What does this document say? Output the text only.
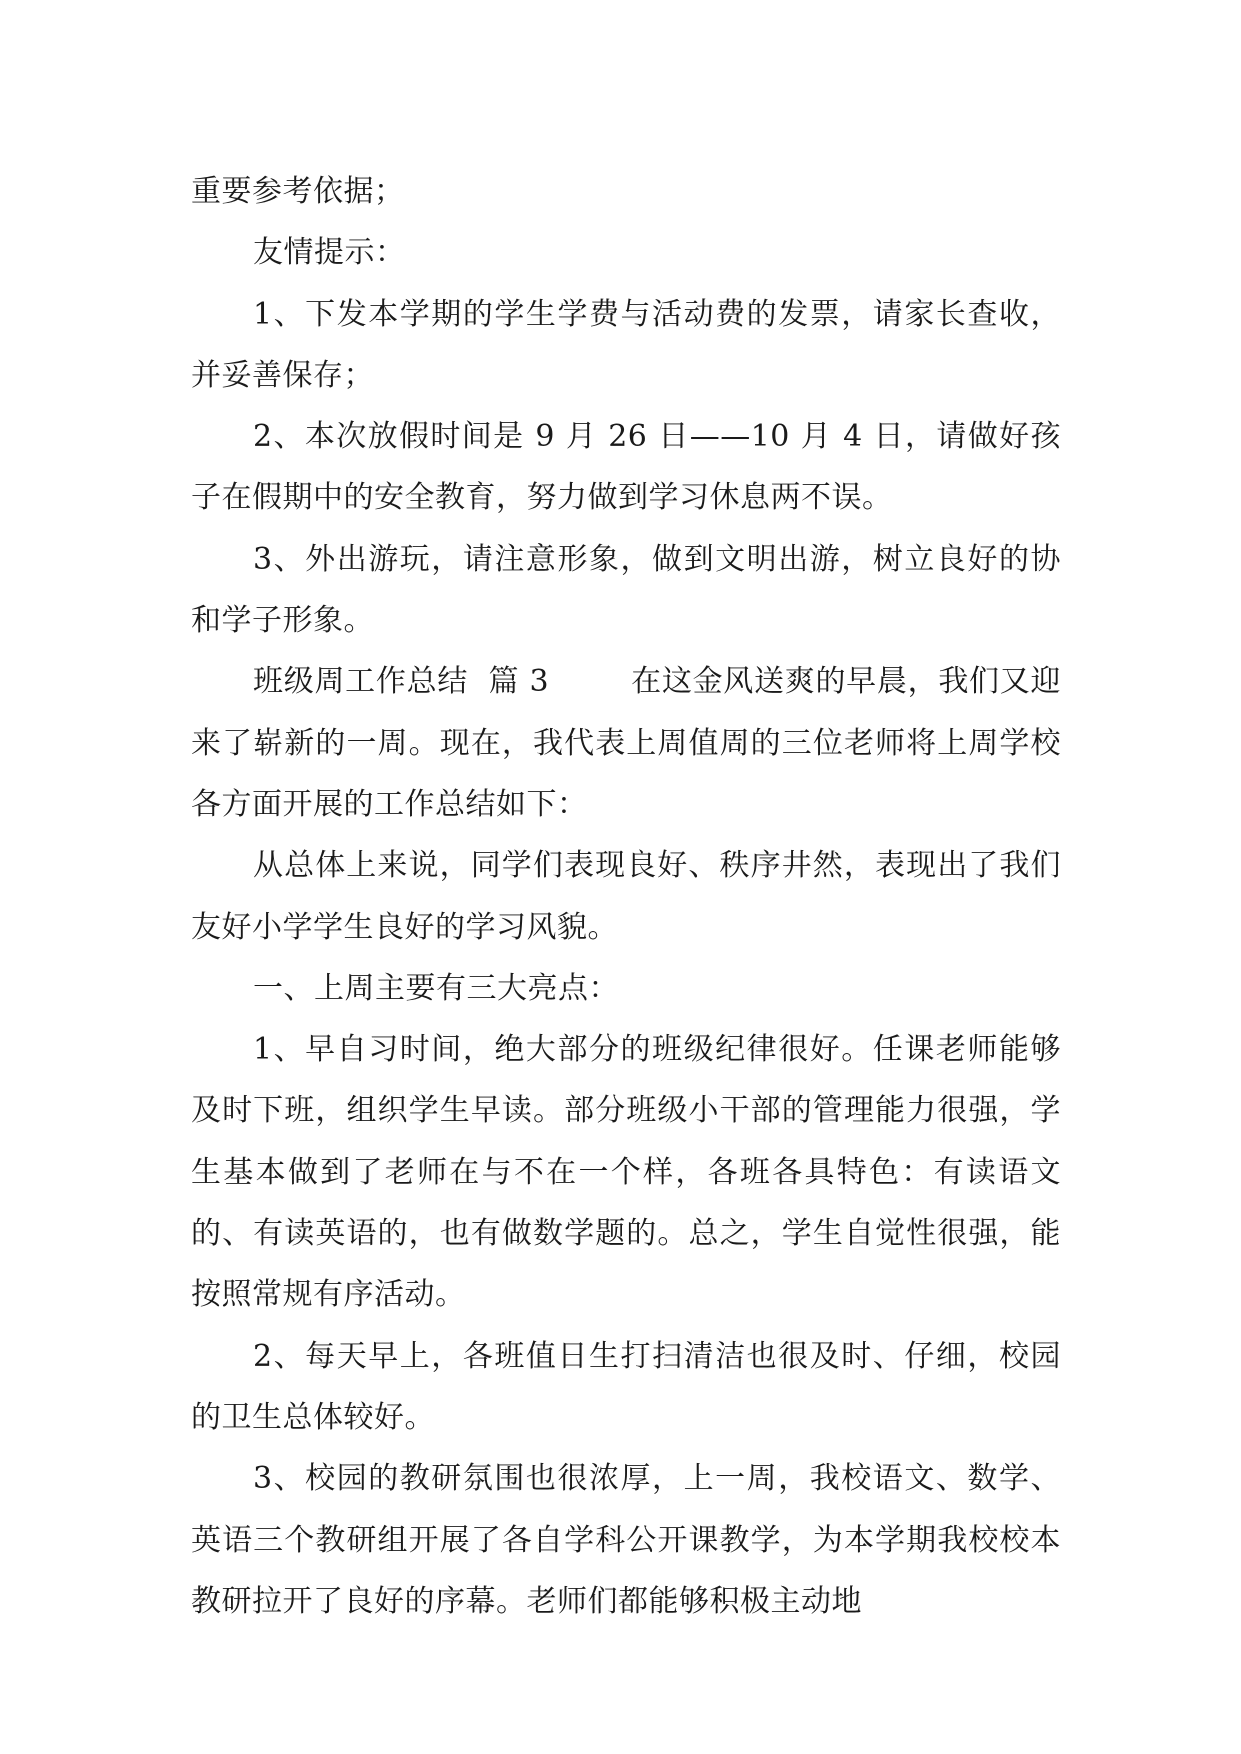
重要参考依据；

友情提示：

1、下发本学期的学生学费与活动费的发票，请家长查收，并妥善保存；

2、本次放假时间是 9 月 26 日——10 月 4 日，请做好孩子在假期中的安全教育，努力做到学习休息两不误。

3、外出游玩，请注意形象，做到文明出游，树立良好的协和学子形象。

班级周工作总结  篇 3        在这金风送爽的早晨，我们又迎来了崭新的一周。现在，我代表上周值周的三位老师将上周学校各方面开展的工作总结如下：

从总体上来说，同学们表现良好、秩序井然，表现出了我们友好小学学生良好的学习风貌。

一、上周主要有三大亮点：

1、早自习时间，绝大部分的班级纪律很好。任课老师能够及时下班，组织学生早读。部分班级小干部的管理能力很强，学生基本做到了老师在与不在一个样，各班各具特色：有读语文的、有读英语的，也有做数学题的。总之，学生自觉性很强，能按照常规有序活动。

2、每天早上，各班值日生打扫清洁也很及时、仔细，校园的卫生总体较好。

3、校园的教研氛围也很浓厚，上一周，我校语文、数学、英语三个教研组开展了各自学科公开课教学，为本学期我校校本教研拉开了良好的序幕。老师们都能够积极主动地
